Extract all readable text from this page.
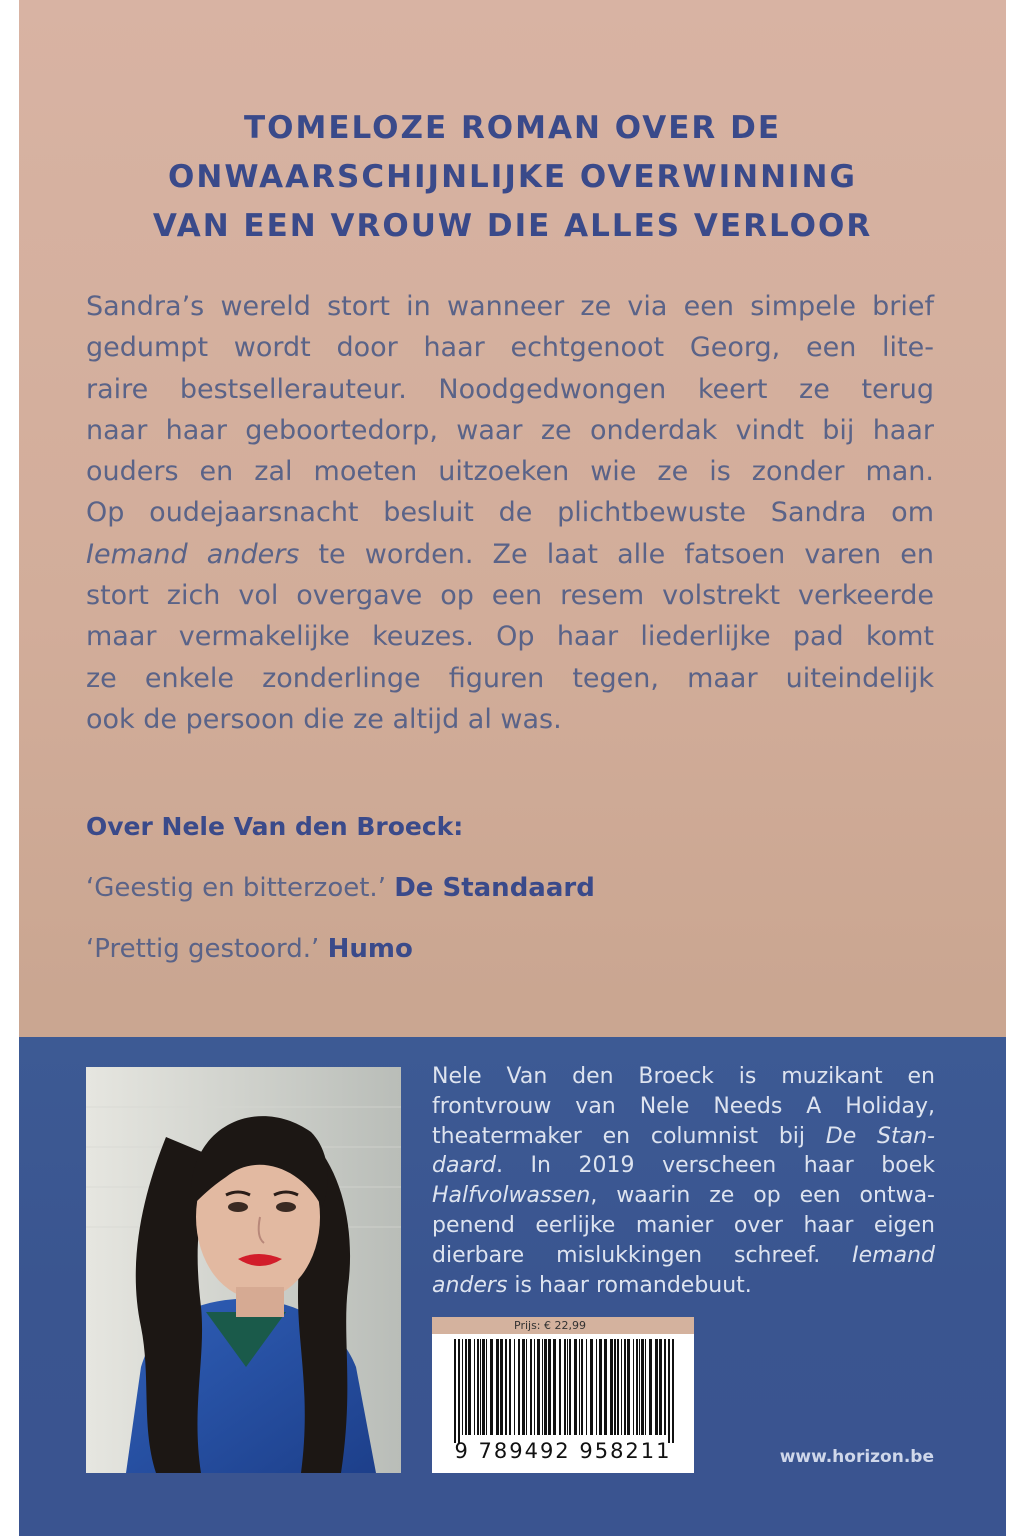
TOMELOZE ROMAN OVER DE
ONWAARSCHIJNLIJKE OVERWINNING
VAN EEN VROUW DIE ALLES VERLOOR
Sandra’s wereld stort in wanneer ze via een simpele brief
gedumpt wordt door haar echtgenoot Georg, een lite-
raire bestsellerauteur. Noodgedwongen keert ze terug
naar haar geboortedorp, waar ze onderdak vindt bij haar
ouders en zal moeten uitzoeken wie ze is zonder man.
Op oudejaarsnacht besluit de plichtbewuste Sandra om
Iemand anders te worden. Ze laat alle fatsoen varen en
stort zich vol overgave op een resem volstrekt verkeerde
maar vermakelijke keuzes. Op haar liederlijke pad komt
ze enkele zonderlinge figuren tegen, maar uiteindelijk
ook de persoon die ze altijd al was.
Over Nele Van den Broeck:
‘Geestig en bitterzoet.’ De Standaard
‘Prettig gestoord.’ Humo
Nele Van den Broeck is muzikant en
frontvrouw van Nele Needs A Holiday,
theatermaker en columnist bij De Stan-
daard. In 2019 verscheen haar boek
Halfvolwassen, waarin ze op een ontwa-
penend eerlijke manier over haar eigen
dierbare mislukkingen schreef. Iemand
anders is haar romandebuut.
Prijs: € 22,99
9 789492 958211	www.horizon.be
